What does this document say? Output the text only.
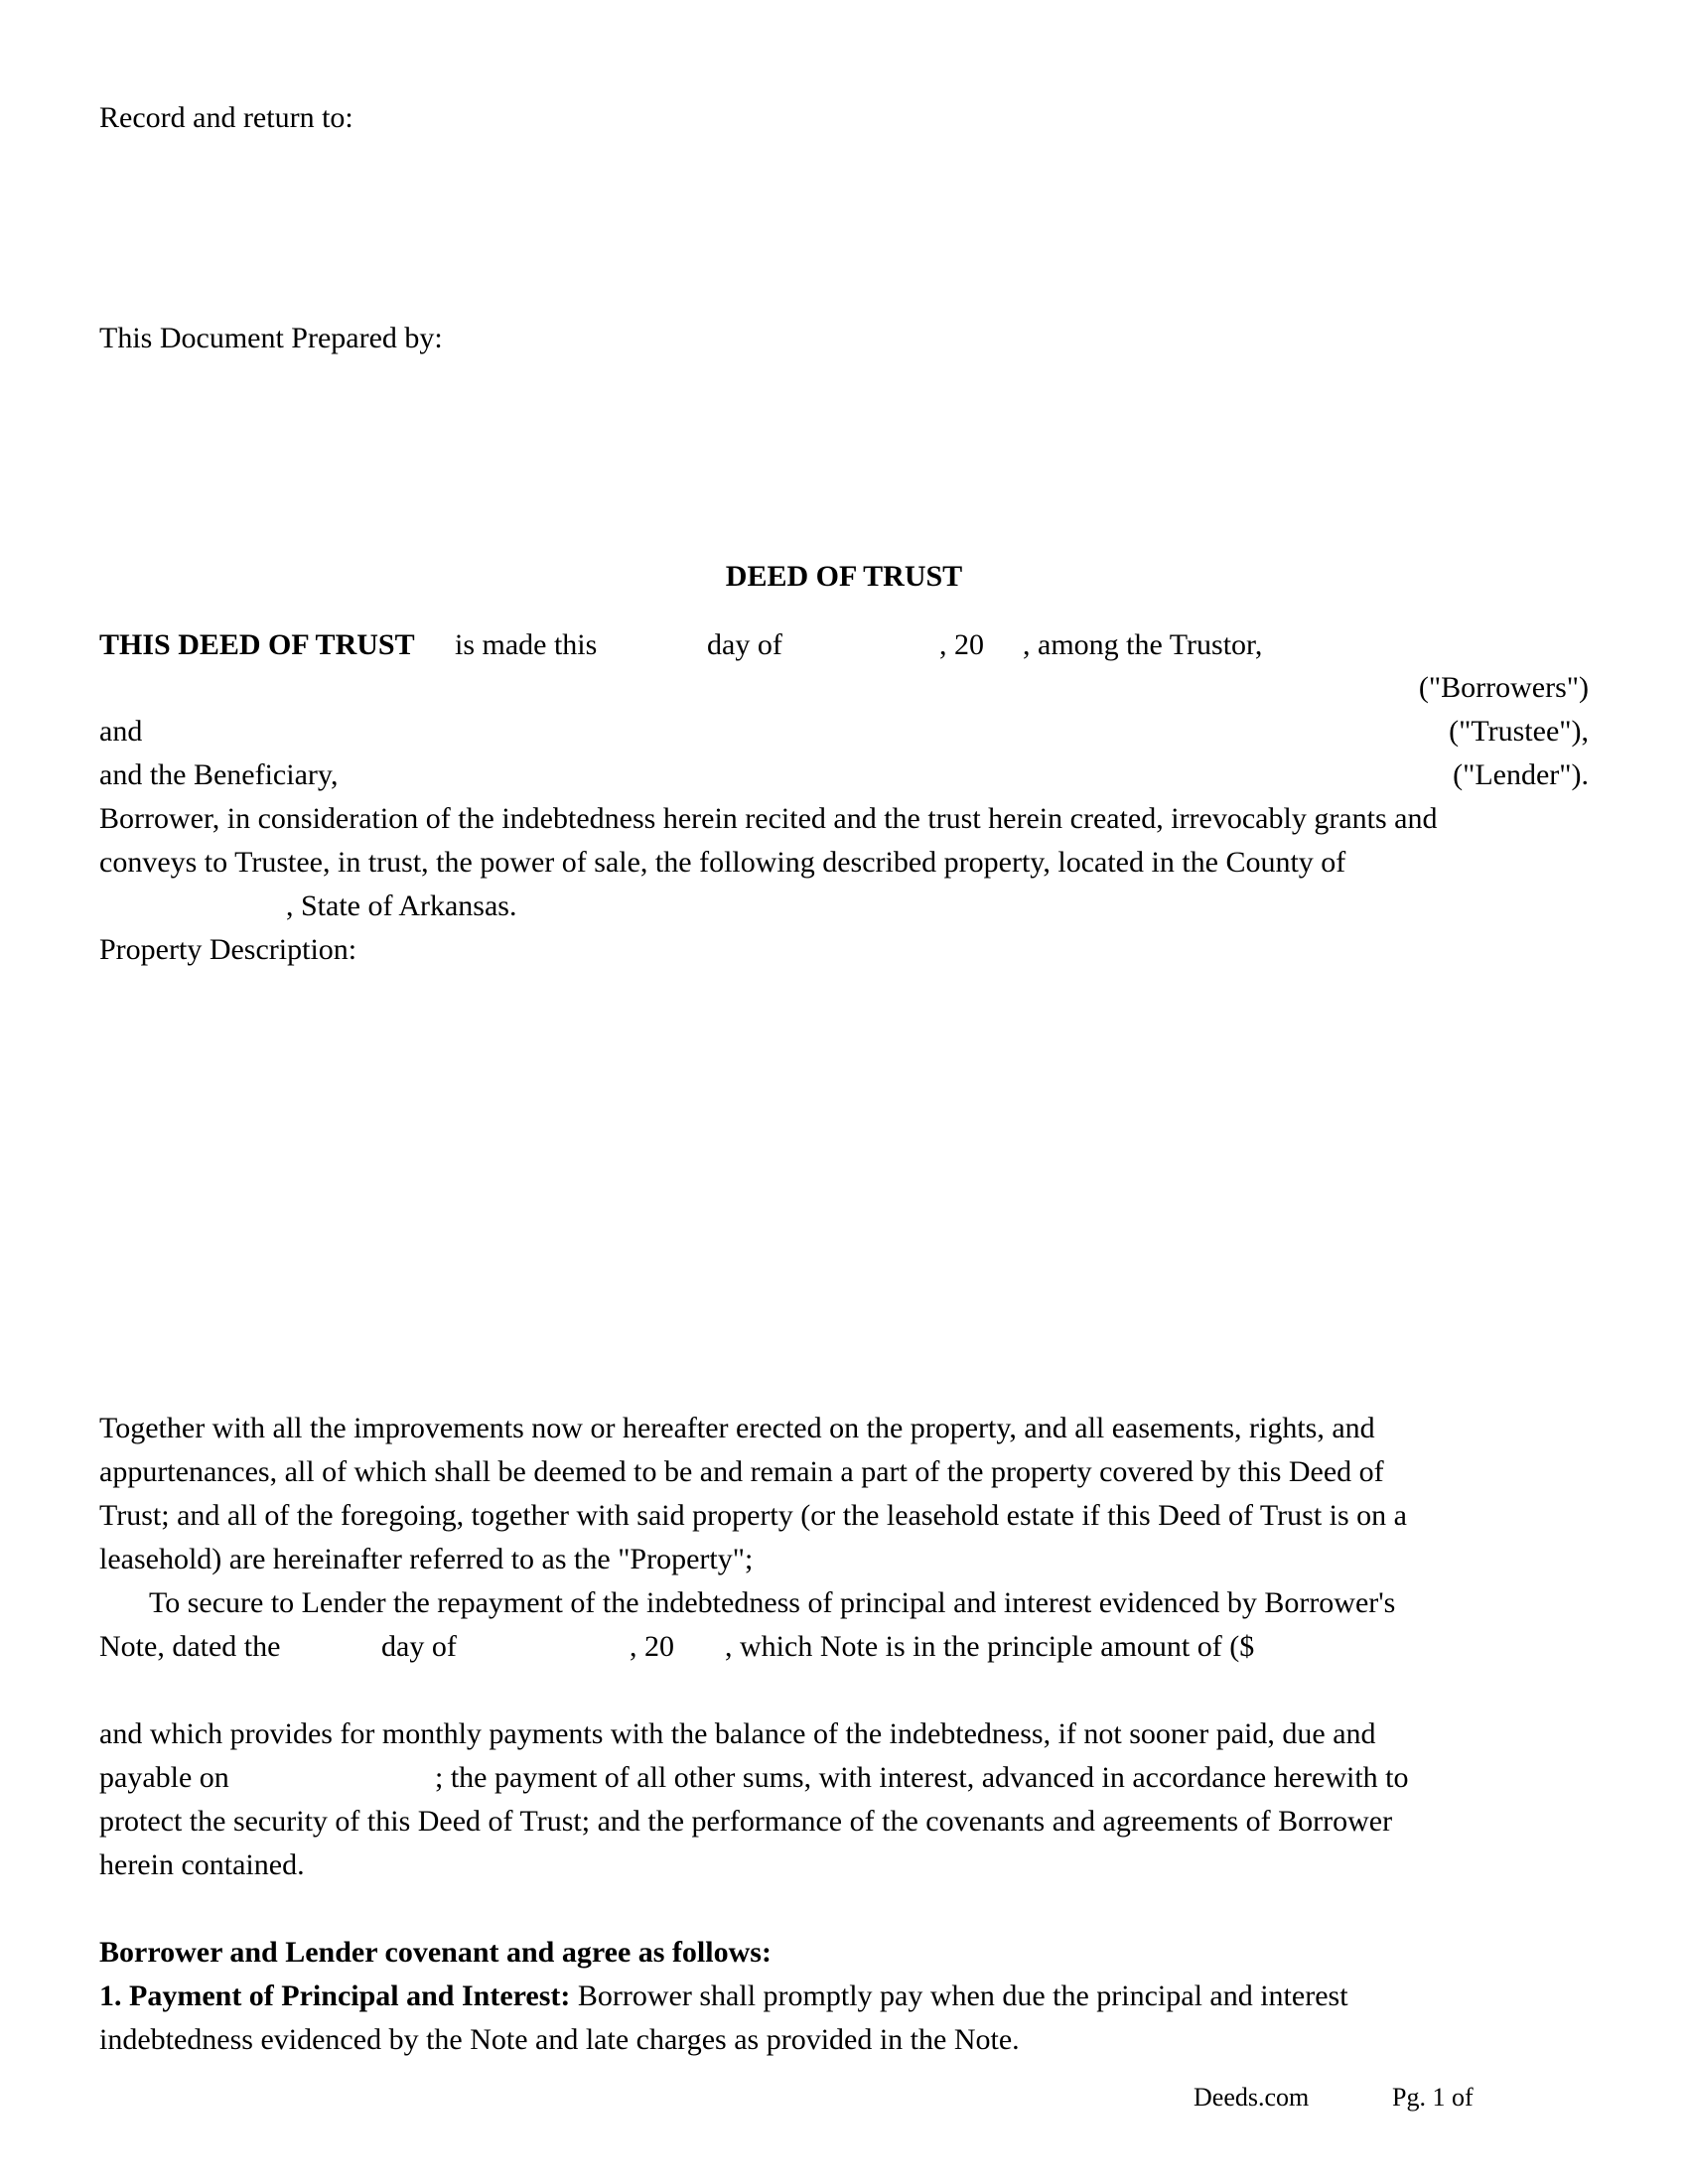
Record and return to:
This Document Prepared by:
DEED OF TRUST
THIS DEED OF TRUST is made this	day of	, 20 , among the Trustor,
("Borrowers")
and	("Trustee"),
and the Beneficiary,	("Lender").
Borrower, in consideration of the indebtedness herein recited and the trust herein created, irrevocably grants and
conveys to Trustee, in trust, the power of sale, the following described property, located in the County of
, State of Arkansas.
Property Description:
Together with all the improvements now or hereafter erected on the property, and all easements, rights, and
appurtenances, all of which shall be deemed to be and remain a part of the property covered by this Deed of
Trust; and all of the foregoing, together with said property (or the leasehold estate if this Deed of Trust is on a
leasehold) are hereinafter referred to as the "Property";
To secure to Lender the repayment of the indebtedness of principal and interest evidenced by Borrower's
Note, dated the	day of	, 20 , which Note is in the principle amount of ($
and which provides for monthly payments with the balance of the indebtedness, if not sooner paid, due and
payable on	; the payment of all other sums, with interest, advanced in accordance herewith to
protect the security of this Deed of Trust; and the performance of the covenants and agreements of Borrower
herein contained.
Borrower and Lender covenant and agree as follows:
1. Payment of Principal and Interest: Borrower shall promptly pay when due the principal and interest
indebtedness evidenced by the Note and late charges as provided in the Note.
Deeds.com	Pg. 1 of
